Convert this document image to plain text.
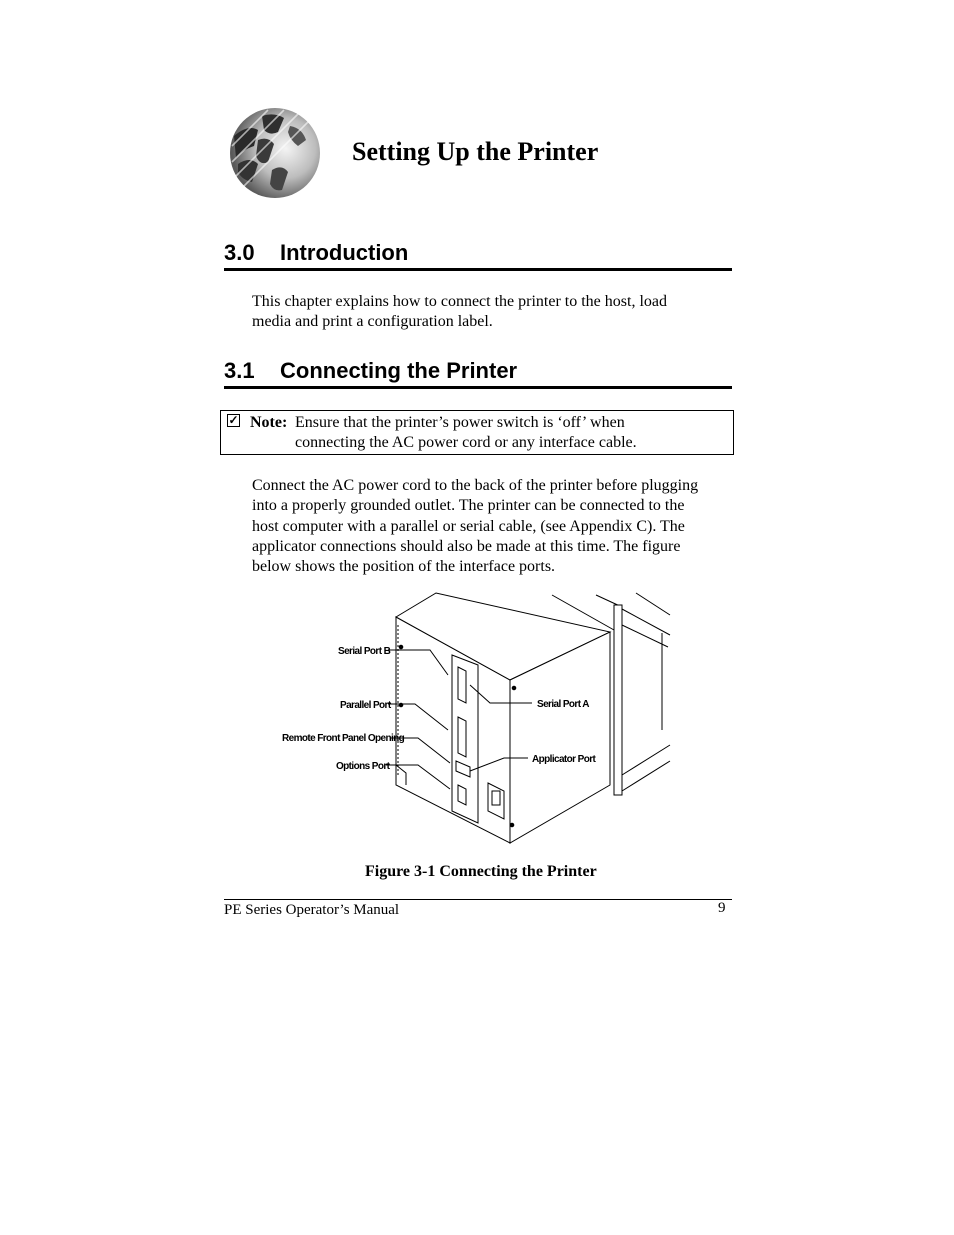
Setting Up the Printer
3.0 Introduction
This chapter explains how to connect the printer to the host, load
media and print a configuration label.
3.1 Connecting the Printer
✓ Note: Ensure that the printer’s power switch is ‘off’ when
connecting the AC power cord or any interface cable.
Connect the AC power cord to the back of the printer before plugging
into a properly grounded outlet. The printer can be connected to the
host computer with a parallel or serial cable, (see Appendix C). The
applicator connections should also be made at this time. The figure
below shows the position of the interface ports.
Serial Port B
Parallel Port
Remote Front Panel Opening
Options Port
Serial Port A
Applicator Port
Figure 3-1 Connecting the Printer
PE Series Operator’s Manual	9
